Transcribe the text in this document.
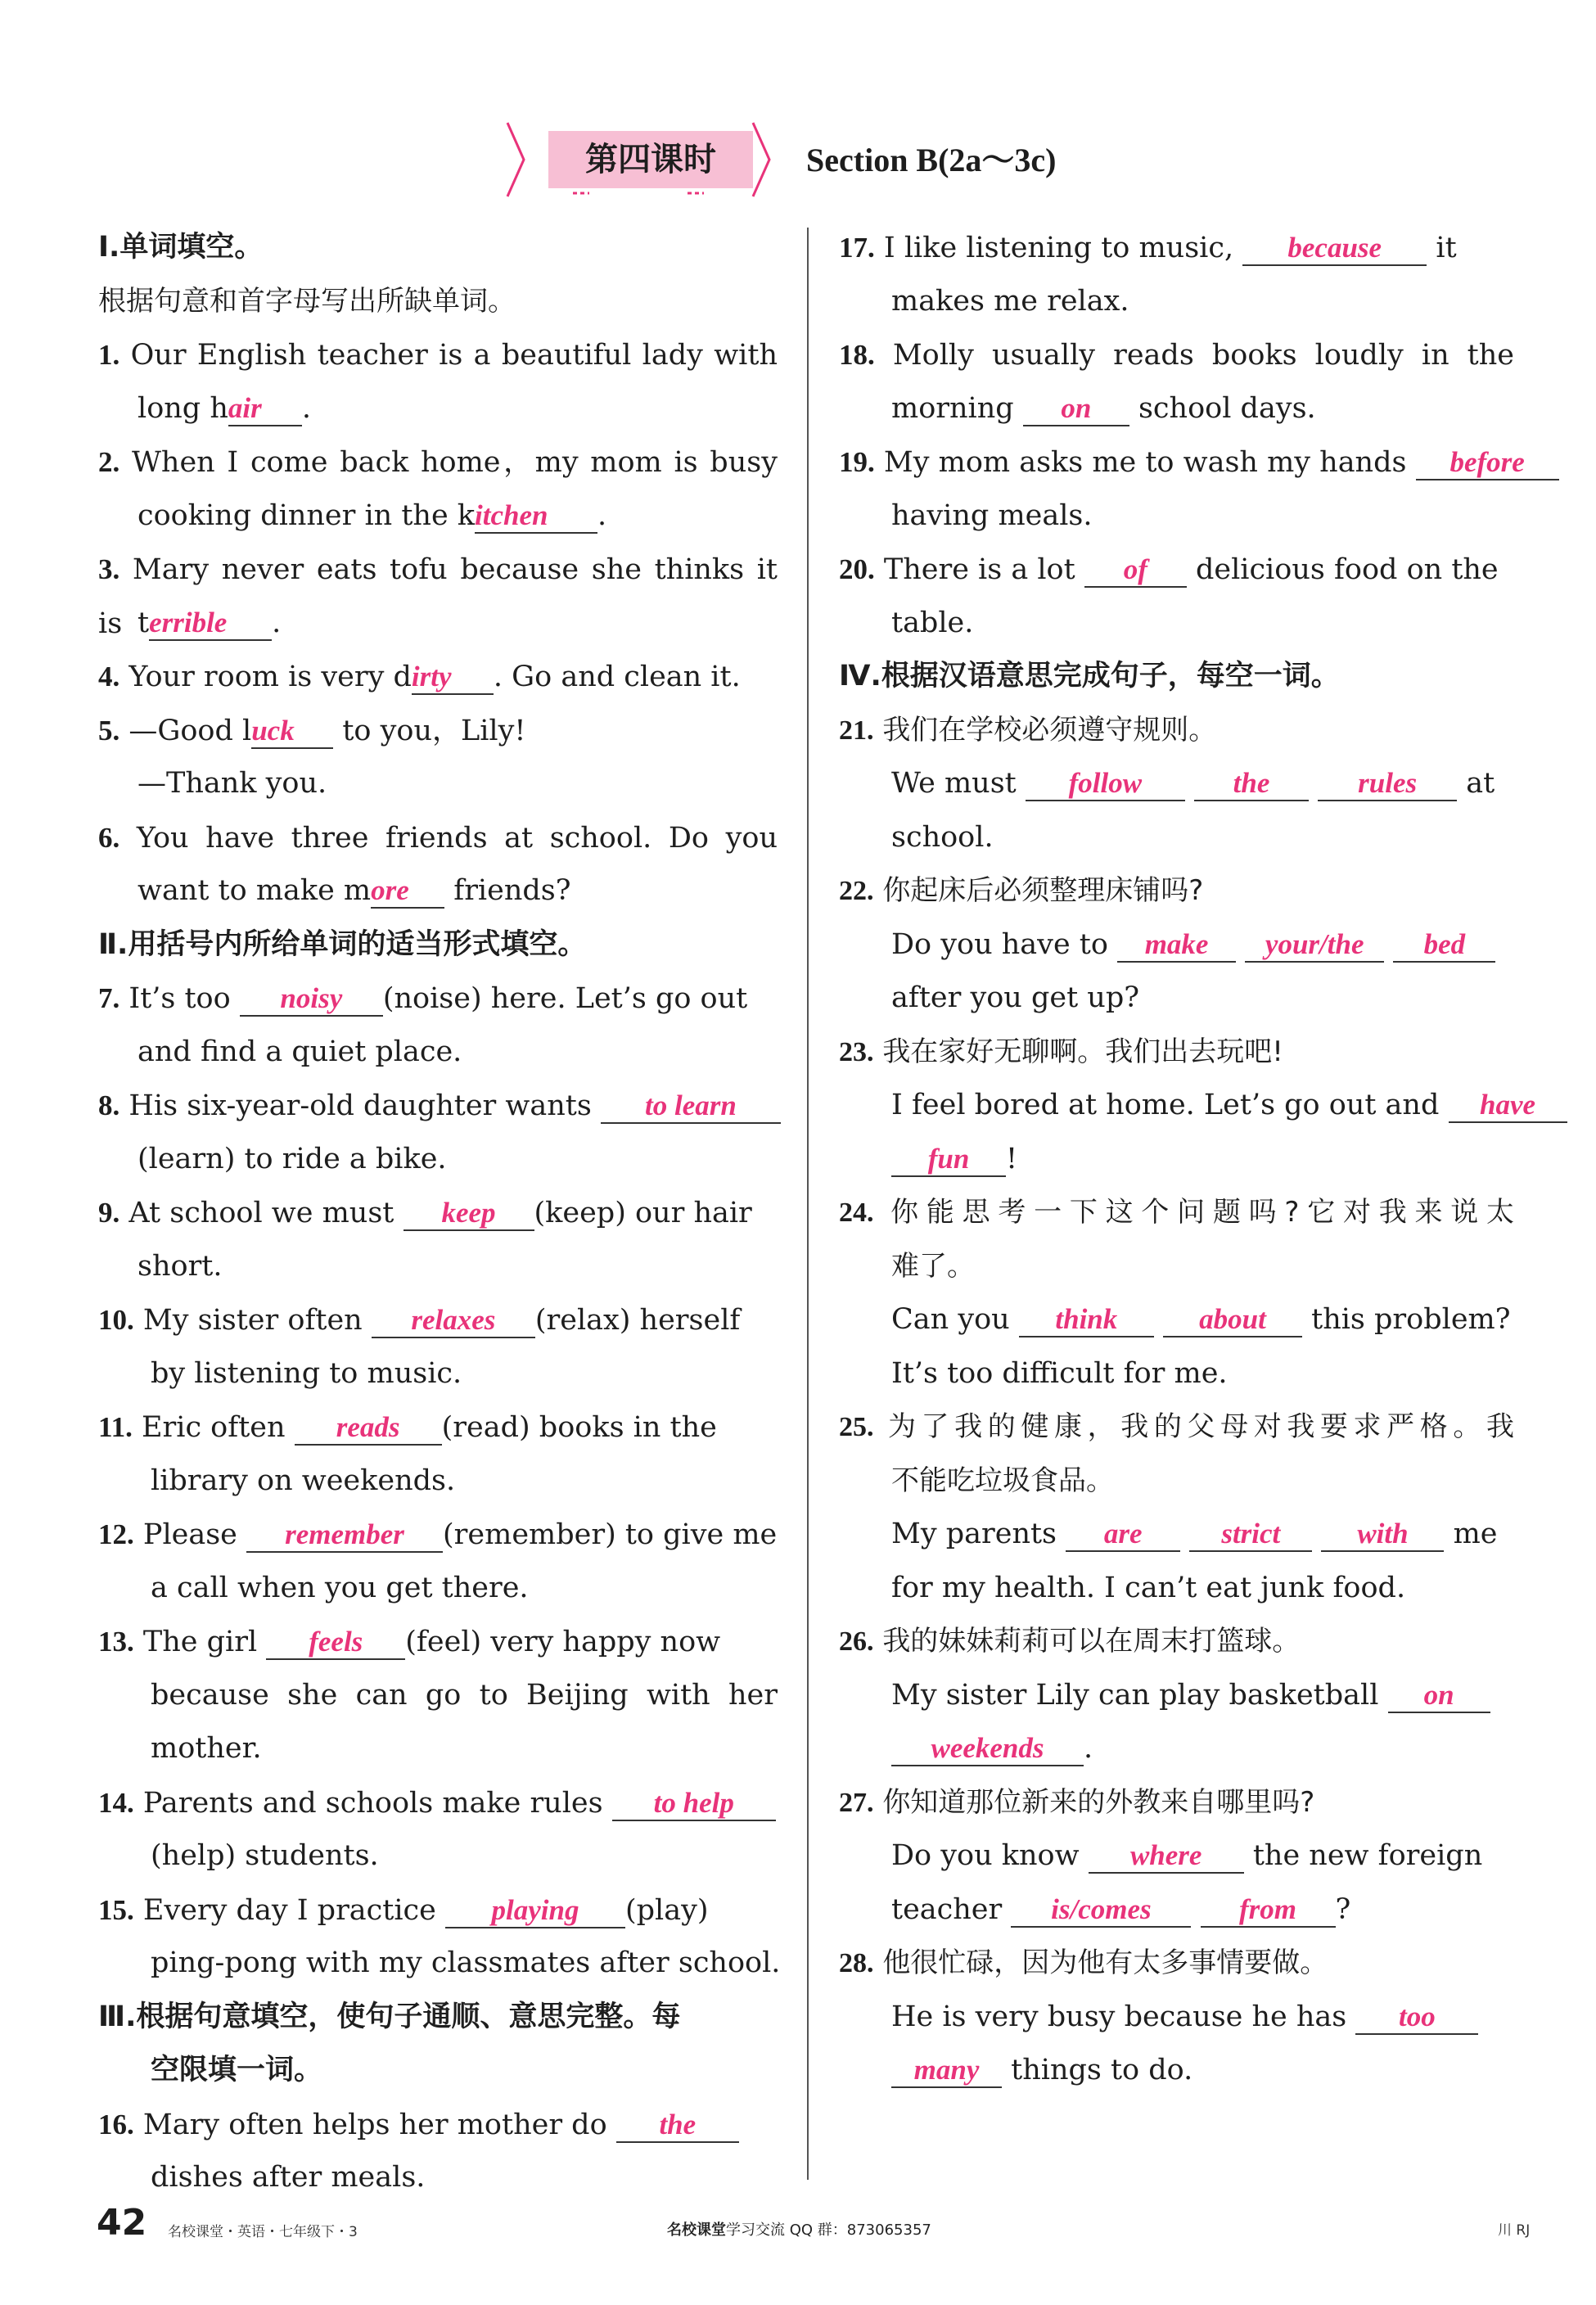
第四课时	Section B(2a～3c)
Ⅰ.单词填空。
根据句意和首字母写出所缺单词。
1. Our English teacher is a beautiful lady with
long hair .
2. When I come back home，my mom is busy
cooking dinner in the kitchen .
3. Mary never eats tofu because she thinks it is terrible .
4. Your room is very dirty . Go and clean it.
5. —Good luck to you，Lily!
—Thank you.
6. You have three friends at school. Do you
want to make more friends?
Ⅱ.用括号内所给单词的适当形式填空。
7. It’s too noisy (noise) here. Let’s go out
and find a quiet place.
8. His six-year-old daughter wants to learn
(learn) to ride a bike.
9. At school we must keep (keep) our hair
short.
10. My sister often relaxes (relax) herself
by listening to music.
11. Eric often reads (read) books in the
library on weekends.
12. Please remember (remember) to give me
a call when you get there.
13. The girl feels (feel) very happy now
because she can go to Beijing with her
mother.
14. Parents and schools make rules to help
(help) students.
15. Every day I practice playing (play)
ping-pong with my classmates after school.
Ⅲ.根据句意填空，使句子通顺、意思完整。每
空限填一词。
16. Mary often helps her mother do the
dishes after meals.
17. I like listening to music, because it
makes me relax.
18. Molly usually reads books loudly in the
morning on school days.
19. My mom asks me to wash my hands before
having meals.
20. There is a lot of delicious food on the
table.
Ⅳ.根据汉语意思完成句子，每空一词。
21. 我们在学校必须遵守规则。
We must follow	the	rules at
school.
22. 你起床后必须整理床铺吗?
Do you have to make your/the bed
after you get up?
23. 我在家好无聊啊。我们出去玩吧!
I feel bored at home. Let’s go out and have
fun !
24. 你能思考一下这个问题吗?它对我来说太
难了。
Can you think	about this problem?
It’s too difficult for me.
25. 为了我的健康，我的父母对我要求严格。我
不能吃垃圾食品。
My parents are	strict	with me
for my health. I can’t eat junk food.
26. 我的妹妹莉莉可以在周末打篮球。
My sister Lily can play basketball on
weekends .
27. 你知道那位新来的外教来自哪里吗?
Do you know where the new foreign
teacher is/comes	from ?
28. 他很忙碌，因为他有太多事情要做。
He is very busy because he has too
many things to do.
42 名校课堂・英语・七年级下・3	名校课堂学习交流 QQ 群：873065357	川 RJ
